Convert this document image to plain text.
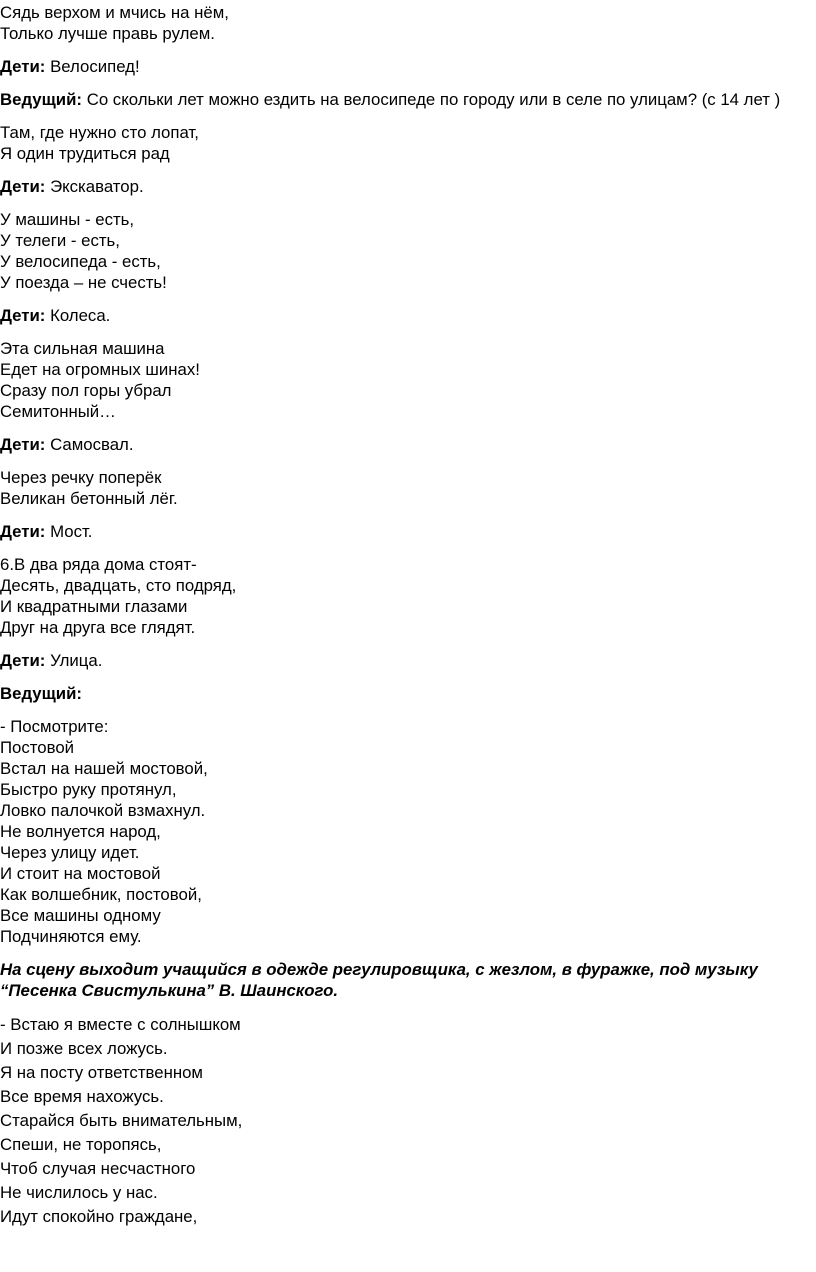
Сядь верхом и мчись на нём,
Только лучше правь рулем.
Дети: Велосипед!
Ведущий: Со скольки лет можно ездить на велосипеде по городу или в селе по улицам? (с 14 лет )
Там, где нужно сто лопат,
Я один трудиться рад
Дети: Экскаватор.
У машины - есть,
У телеги - есть,
У велосипеда - есть,
У поезда – не счесть!
Дети: Колеса.
Эта сильная машина
Едет на огромных шинах!
Сразу пол горы убрал
Семитонный…
Дети: Самосвал.
Через речку поперёк
Великан бетонный лёг.
Дети: Мост.
6.В два ряда дома стоят-
Десять, двадцать, сто подряд,
И квадратными глазами
Друг на друга все глядят.
Дети: Улица.
Ведущий:
- Посмотрите:
Постовой
Встал на нашей мостовой,
Быстро руку протянул,
Ловко палочкой взмахнул.
Не волнуется народ,
Через улицу идет.
И стоит на мостовой
Как волшебник, постовой,
Все машины одному
Подчиняются ему.
На сцену выходит учащийся в одежде регулировщика, с жезлом, в фуражке, под музыку “Песенка Свистулькина” В. Шаинского.
- Встаю я вместе с солнышком
И позже всех ложусь.
Я на посту ответственном
Все время нахожусь.
Старайся быть внимательным,
Спеши, не торопясь,
Чтоб случая несчастного
Не числилось у нас.
Идут спокойно граждане,
